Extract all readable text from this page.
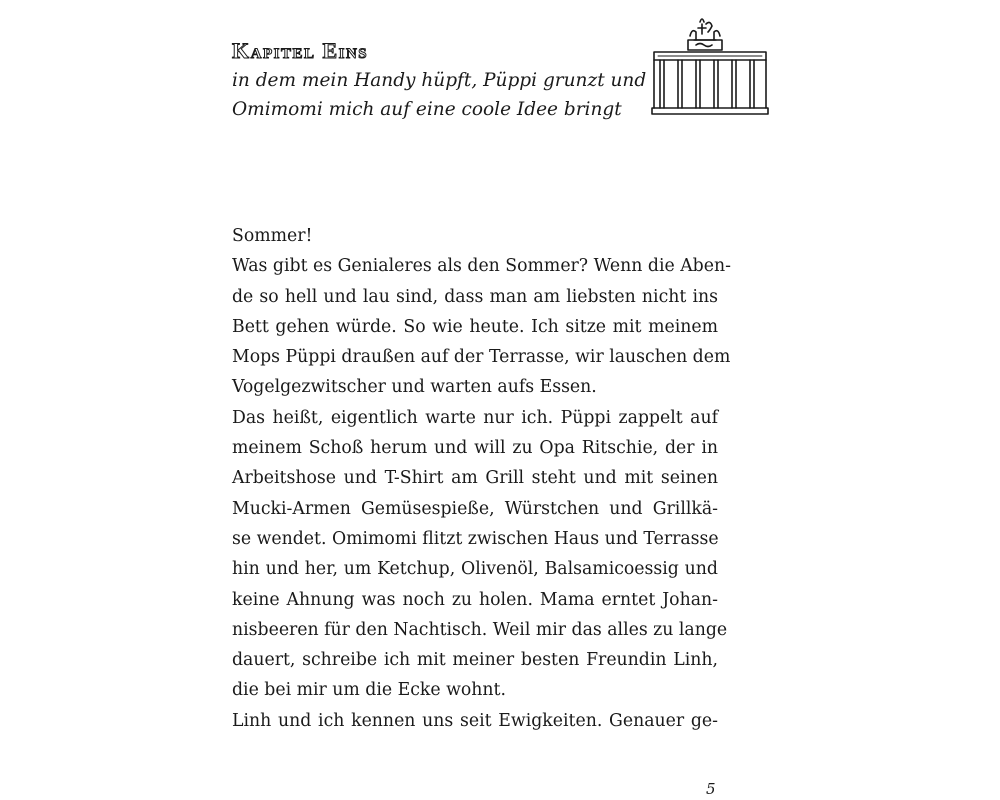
Kapitel Eins

in dem mein Handy hüpft, Püppi grunzt und
Omimomi mich auf eine coole Idee bringt

Sommer!
Was gibt es Genialeres als den Sommer? Wenn die Aben-
de so hell und lau sind, dass man am liebsten nicht ins
Bett gehen würde. So wie heute. Ich sitze mit meinem
Mops Püppi draußen auf der Terrasse, wir lauschen dem
Vogelgezwitscher und warten aufs Essen.
Das heißt, eigentlich warte nur ich. Püppi zappelt auf
meinem Schoß herum und will zu Opa Ritschie, der in
Arbeitshose und T-Shirt am Grill steht und mit seinen
Mucki-Armen Gemüsespieße, Würstchen und Grillkä-
se wendet. Omimomi flitzt zwischen Haus und Terrasse
hin und her, um Ketchup, Olivenöl, Balsamicoessig und
keine Ahnung was noch zu holen. Mama erntet Johan-
nisbeeren für den Nachtisch. Weil mir das alles zu lange
dauert, schreibe ich mit meiner besten Freundin Linh,
die bei mir um die Ecke wohnt.
Linh und ich kennen uns seit Ewigkeiten. Genauer ge-

5
